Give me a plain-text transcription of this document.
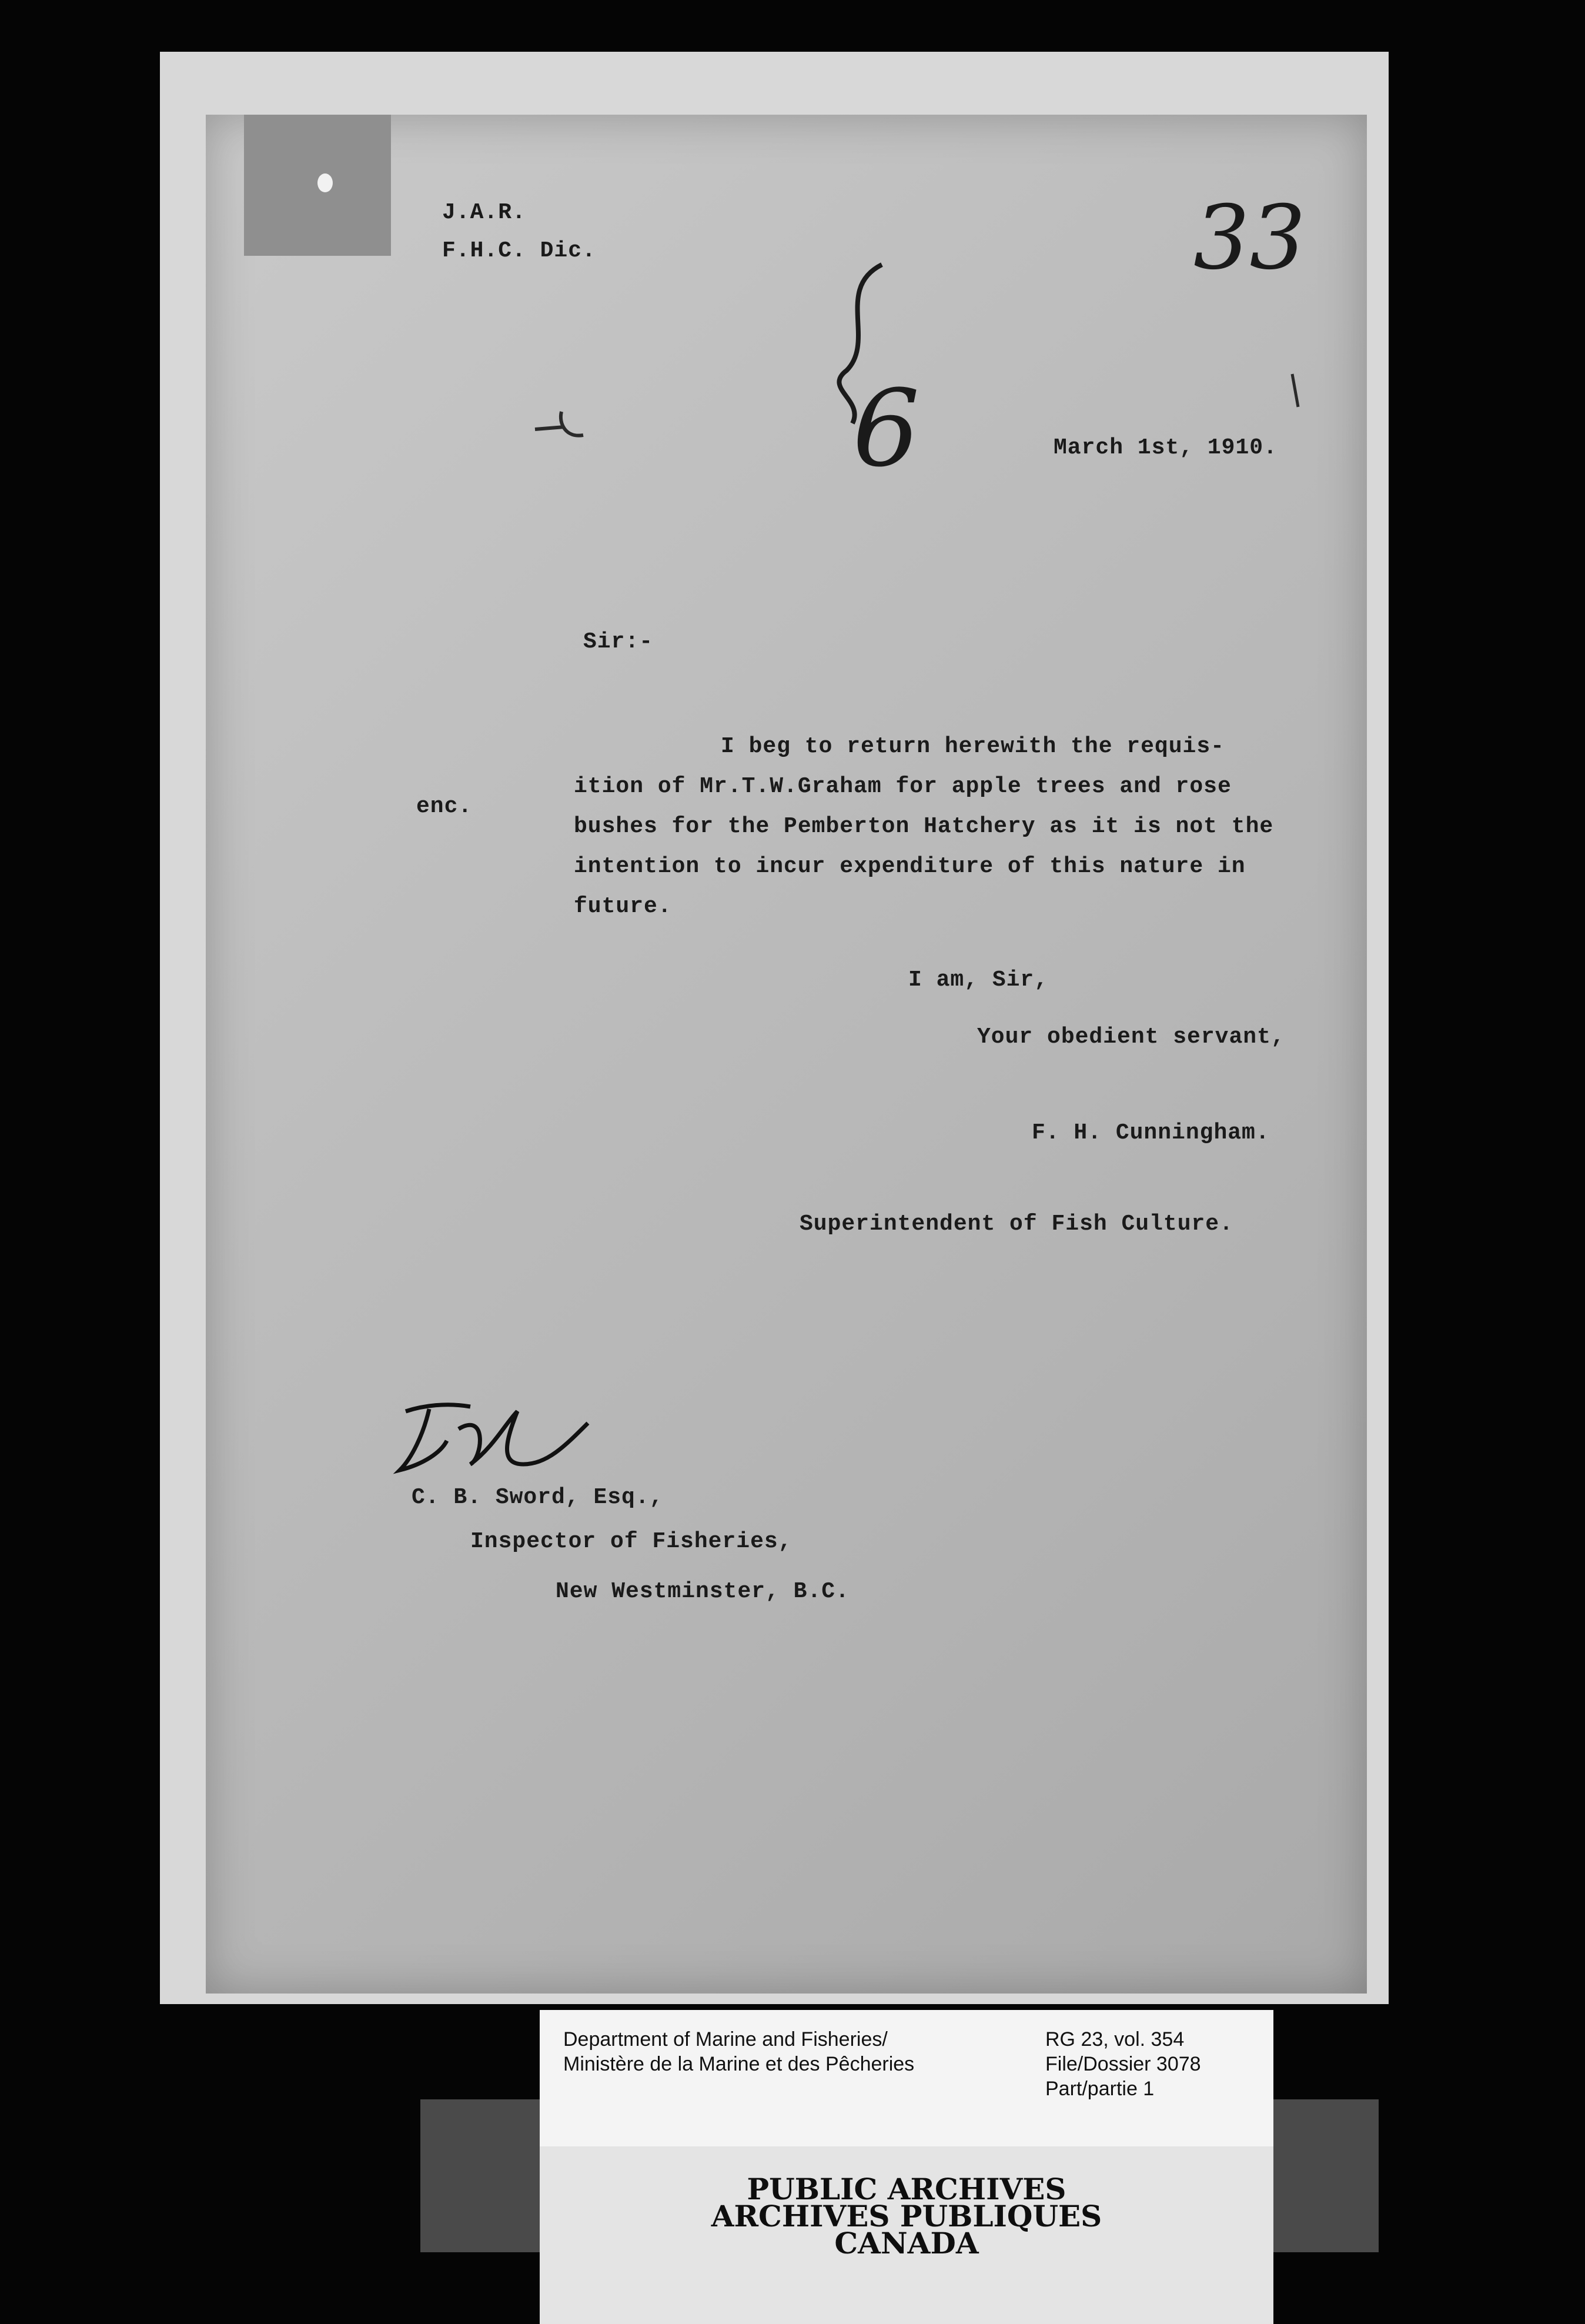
J.A.R.
F.H.C. Dic.	33
6	March 1st, 1910.
Sir:-
enc.
I beg to return herewith the requis-
ition of Mr.T.W.Graham for apple trees and rose
bushes for the Pemberton Hatchery as it is not the
intention to incur expenditure of this nature in
future.
I am, Sir,
Your obedient servant,
F. H. Cunningham.
Superintendent of Fish Culture.
C. B. Sword, Esq.,
Inspector of Fisheries,
New Westminster, B.C.
Department of Marine and Fisheries/
Ministère de la Marine et des Pêcheries
RG 23, vol. 354
File/Dossier 3078
Part/partie 1
PUBLIC ARCHIVES
ARCHIVES PUBLIQUES
CANADA
